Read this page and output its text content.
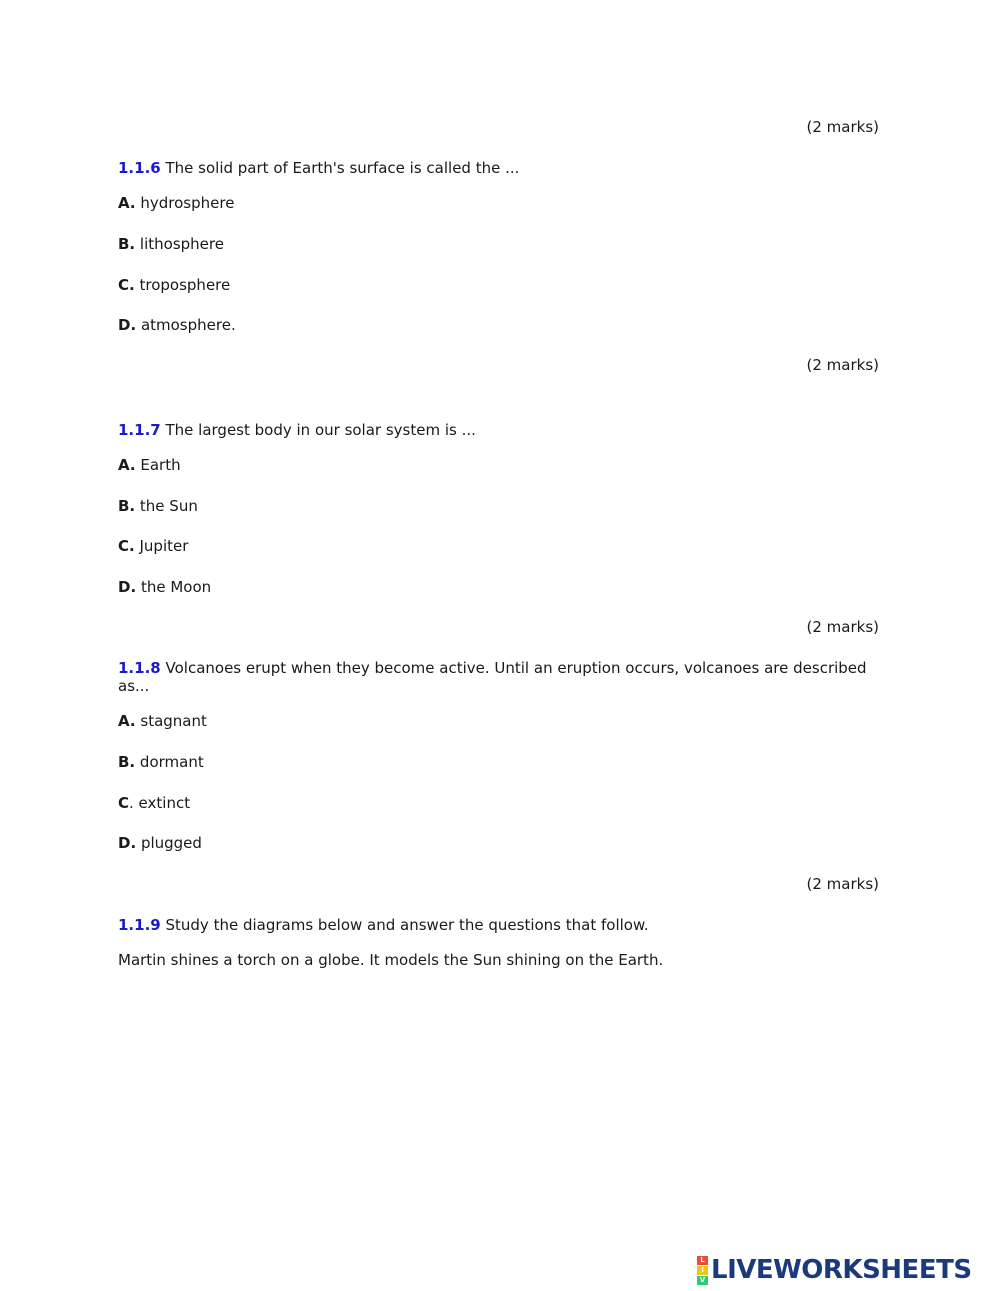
(2 marks)
1.1.6 The solid part of Earth's surface is called the ...
A. hydrosphere
B. lithosphere
C. troposphere
D. atmosphere.
(2 marks)
1.1.7 The largest body in our solar system is ...
A. Earth
B. the Sun
C. Jupiter
D. the Moon
(2 marks)
1.1.8 Volcanoes erupt when they become active. Until an eruption occurs, volcanoes are described as...
A. stagnant
B. dormant
C. extinct
D. plugged
(2 marks)
1.1.9 Study the diagrams below and answer the questions that follow.
Martin shines a torch on a globe. It models the Sun shining on the Earth.
L
I
V LIVEWORKSHEETS
